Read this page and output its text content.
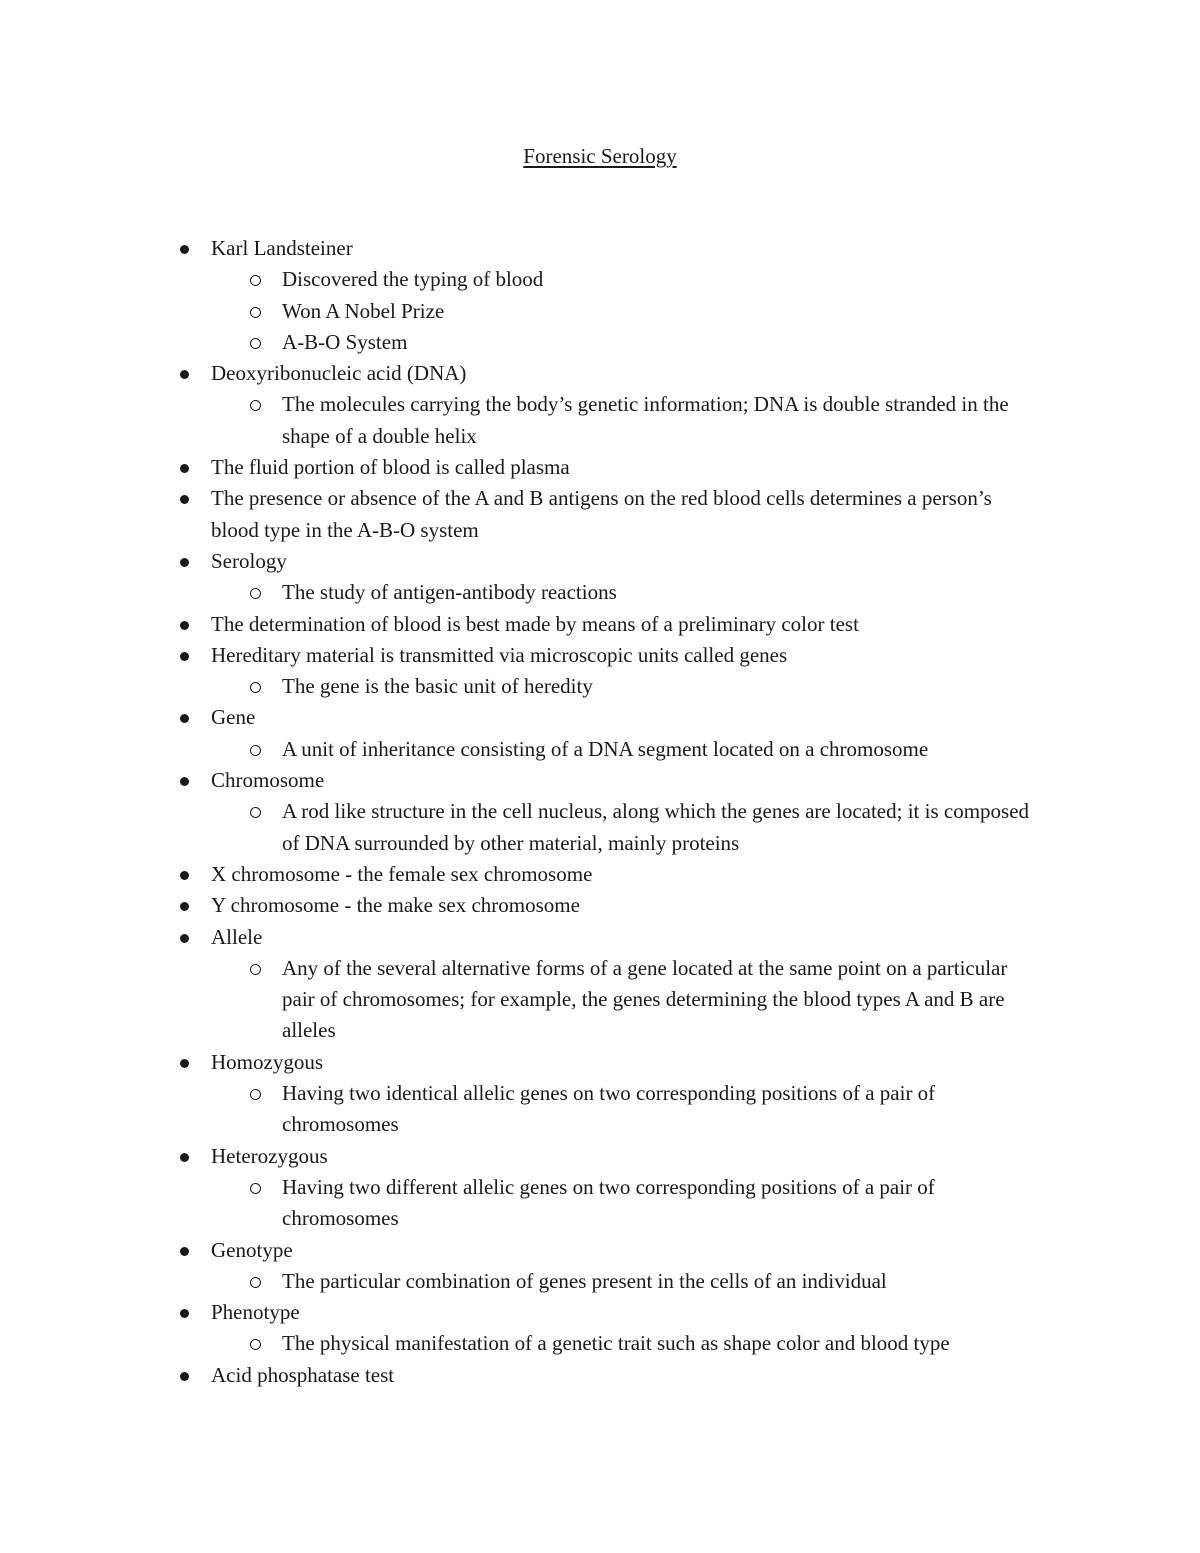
Forensic Serology
Karl Landsteiner
Discovered the typing of blood
Won A Nobel Prize
A-B-O System
Deoxyribonucleic acid (DNA)
The molecules carrying the body’s genetic information; DNA is double stranded in the shape of a double helix
The fluid portion of blood is called plasma
The presence or absence of the A and B antigens on the red blood cells determines a person’s blood type in the A-B-O system
Serology
The study of antigen-antibody reactions
The determination of blood is best made by means of a preliminary color test
Hereditary material is transmitted via microscopic units called genes
The gene is the basic unit of heredity
Gene
A unit of inheritance consisting of a DNA segment located on a chromosome
Chromosome
A rod like structure in the cell nucleus, along which the genes are located; it is composed of DNA surrounded by other material, mainly proteins
X chromosome - the female sex chromosome
Y chromosome - the make sex chromosome
Allele
Any of the several alternative forms of a gene located at the same point on a particular pair of chromosomes; for example, the genes determining the blood types A and B are alleles
Homozygous
Having two identical allelic genes on two corresponding positions of a pair of chromosomes
Heterozygous
Having two different allelic genes on two corresponding positions of a pair of chromosomes
Genotype
The particular combination of genes present in the cells of an individual
Phenotype
The physical manifestation of a genetic trait such as shape color and blood type
Acid phosphatase test
